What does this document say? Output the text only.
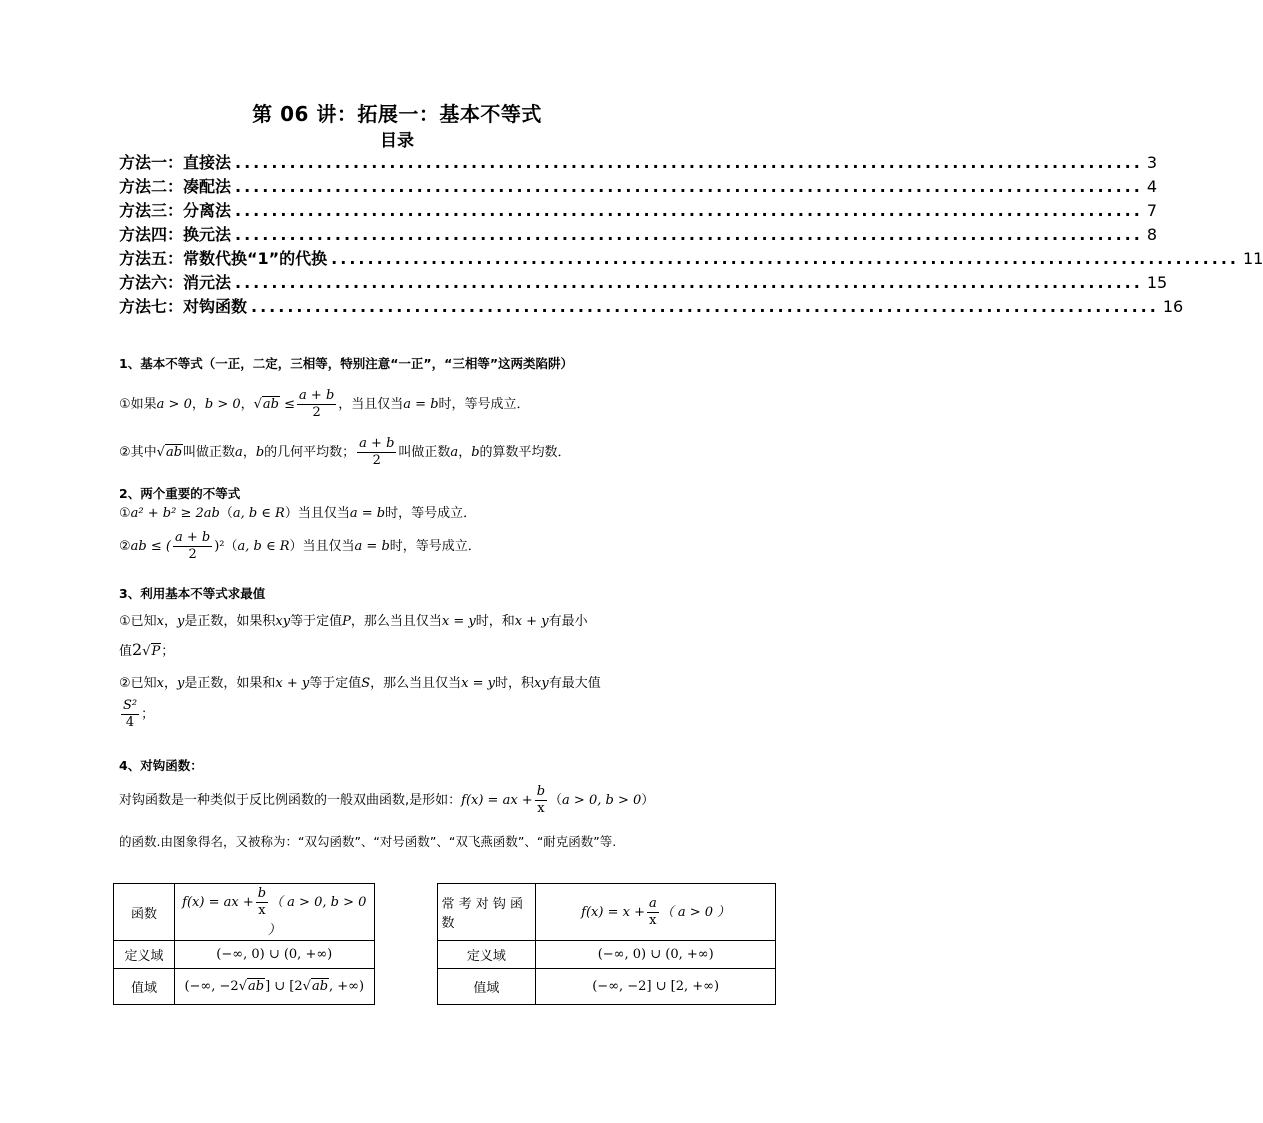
第 06 讲：拓展一：基本不等式
目录
方法一：直接法 .................................................................................................... 3
方法二：凑配法 .................................................................................................... 4
方法三：分离法 .................................................................................................... 7
方法四：换元法 .................................................................................................... 8
方法五：常数代换“1”的代换 .................................................................................................... 11
方法六：消元法 .................................................................................................... 15
方法七：对钩函数 .................................................................................................... 16
1、基本不等式（一正，二定，三相等，特别注意“一正”，“三相等”这两类陷阱）
①如果a > 0，b > 0，$√ab \le \frac{a + b}{2}$ ，当且仅当a = b时，等号成立．
②其中√ab叫做正数a，b的几何平均数； $\frac{a + b}{2}$ 叫做正数a，b的算数平均数．
2、两个重要的不等式
①a² + b² ≥ 2ab（a, b ∈ R）当且仅当a = b时，等号成立．
②ab ≤ ( $\frac{a + b}{2} )^2(a$, b ∈ R）当且仅当a = b时，等号成立．
3、利用基本不等式求最值
①已知x，y是正数，如果积xy等于定值P，那么当且仅当x = y时，和x + y有最小
值2√P；
②已知x，y是正数，如果和x + y等于定值S，那么当且仅当x = y时，积xy有最大值
$\frac{\text{S²}}{4}$ ；
4、对钩函数：
对钩函数是一种类似于反比例函数的一般双曲函数,是形如：f(x) = ax + $\frac{b}{x} (a > 0$, b > 0）
的函数.由图象得名，又被称为：“双勾函数”、“对号函数”、“双飞燕函数”、“耐克函数”等.
函数	f(x) = ax + $\frac{b}{x}$ （ a > 0, b > 0 ）		常 考 对 钩 函 数	$f(x) = x + \frac{a}{x}$ （ a > 0 ）
定义域	(−∞, 0) ∪ (0, +∞)		定义域	(−∞, 0) ∪ (0, +∞)
值域	(−∞, −2√ab] ∪ [2√ab, +∞)		值域	(−∞, −2] ∪ [2, +∞)
